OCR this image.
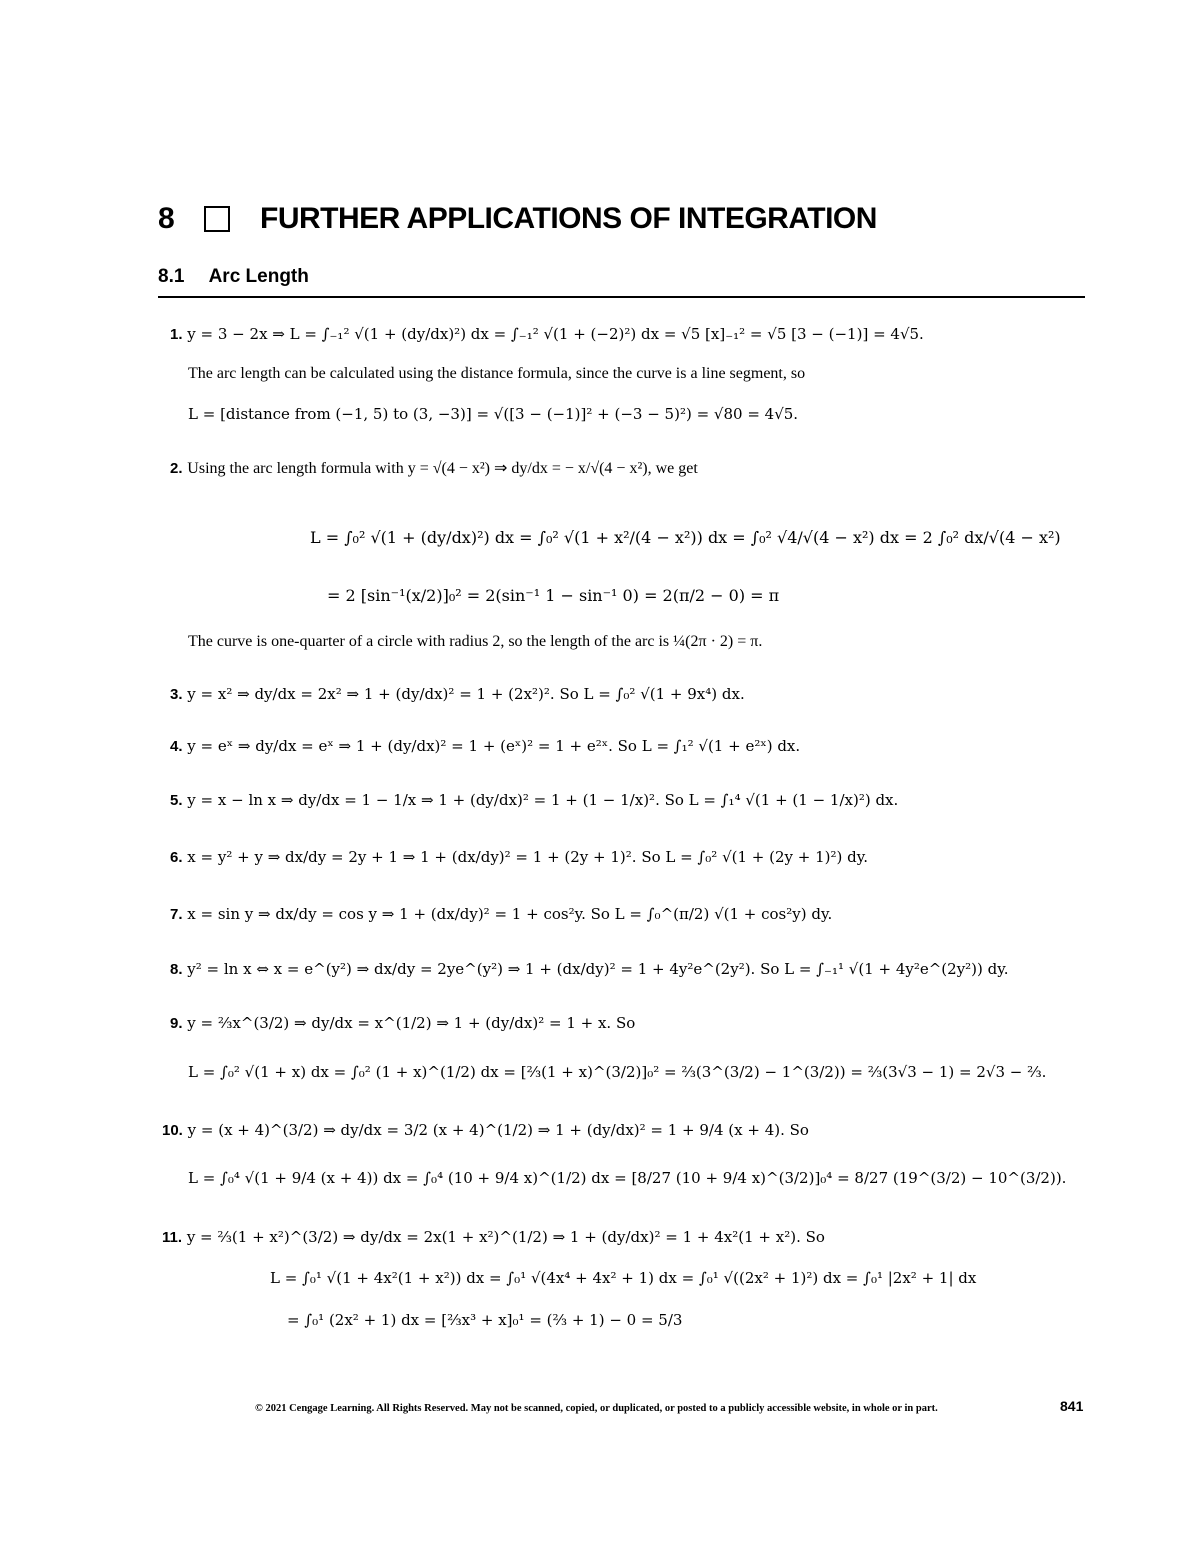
8	FURTHER APPLICATIONS OF INTEGRATION
8.1 Arc Length
1. y = 3 − 2x ⇒ L = ∫₋₁² √(1 + (dy/dx)²) dx = ∫₋₁² √(1 + (−2)²) dx = √5 [x]₋₁² = √5 [3 − (−1)] = 4√5.
The arc length can be calculated using the distance formula, since the curve is a line segment, so
L = [distance from (−1, 5) to (3, −3)] = √([3 − (−1)]² + (−3 − 5)²) = √80 = 4√5.
2. Using the arc length formula with y = √(4 − x²) ⇒ dy/dx = − x/√(4 − x²), we get
L = ∫₀² √(1 + (dy/dx)²) dx = ∫₀² √(1 + x²/(4 − x²)) dx = ∫₀² √4/√(4 − x²) dx = 2 ∫₀² dx/√(4 − x²)
= 2 [sin⁻¹(x/2)]₀² = 2(sin⁻¹ 1 − sin⁻¹ 0) = 2(π/2 − 0) = π
The curve is one-quarter of a circle with radius 2, so the length of the arc is ¼(2π · 2) = π.
3. y = x² ⇒ dy/dx = 2x² ⇒ 1 + (dy/dx)² = 1 + (2x²)². So L = ∫₀² √(1 + 9x⁴) dx.
4. y = eˣ ⇒ dy/dx = eˣ ⇒ 1 + (dy/dx)² = 1 + (eˣ)² = 1 + e²ˣ. So L = ∫₁² √(1 + e²ˣ) dx.
5. y = x − ln x ⇒ dy/dx = 1 − 1/x ⇒ 1 + (dy/dx)² = 1 + (1 − 1/x)². So L = ∫₁⁴ √(1 + (1 − 1/x)²) dx.
6. x = y² + y ⇒ dx/dy = 2y + 1 ⇒ 1 + (dx/dy)² = 1 + (2y + 1)². So L = ∫₀² √(1 + (2y + 1)²) dy.
7. x = sin y ⇒ dx/dy = cos y ⇒ 1 + (dx/dy)² = 1 + cos²y. So L = ∫₀^(π/2) √(1 + cos²y) dy.
8. y² = ln x ⇔ x = e^(y²) ⇒ dx/dy = 2ye^(y²) ⇒ 1 + (dx/dy)² = 1 + 4y²e^(2y²). So L = ∫₋₁¹ √(1 + 4y²e^(2y²)) dy.
9. y = ⅔x^(3/2) ⇒ dy/dx = x^(1/2) ⇒ 1 + (dy/dx)² = 1 + x. So
L = ∫₀² √(1 + x) dx = ∫₀² (1 + x)^(1/2) dx = [⅔(1 + x)^(3/2)]₀² = ⅔(3^(3/2) − 1^(3/2)) = ⅔(3√3 − 1) = 2√3 − ⅔.
10. y = (x + 4)^(3/2) ⇒ dy/dx = 3/2 (x + 4)^(1/2) ⇒ 1 + (dy/dx)² = 1 + 9/4 (x + 4). So
L = ∫₀⁴ √(1 + 9/4 (x + 4)) dx = ∫₀⁴ (10 + 9/4 x)^(1/2) dx = [8/27 (10 + 9/4 x)^(3/2)]₀⁴ = 8/27 (19^(3/2) − 10^(3/2)).
11. y = ⅔(1 + x²)^(3/2) ⇒ dy/dx = 2x(1 + x²)^(1/2) ⇒ 1 + (dy/dx)² = 1 + 4x²(1 + x²). So
L = ∫₀¹ √(1 + 4x²(1 + x²)) dx = ∫₀¹ √(4x⁴ + 4x² + 1) dx = ∫₀¹ √((2x² + 1)²) dx = ∫₀¹ |2x² + 1| dx
= ∫₀¹ (2x² + 1) dx = [⅔x³ + x]₀¹ = (⅔ + 1) − 0 = 5/3
© 2021 Cengage Learning. All Rights Reserved. May not be scanned, copied, or duplicated, or posted to a publicly accessible website, in whole or in part.	841
